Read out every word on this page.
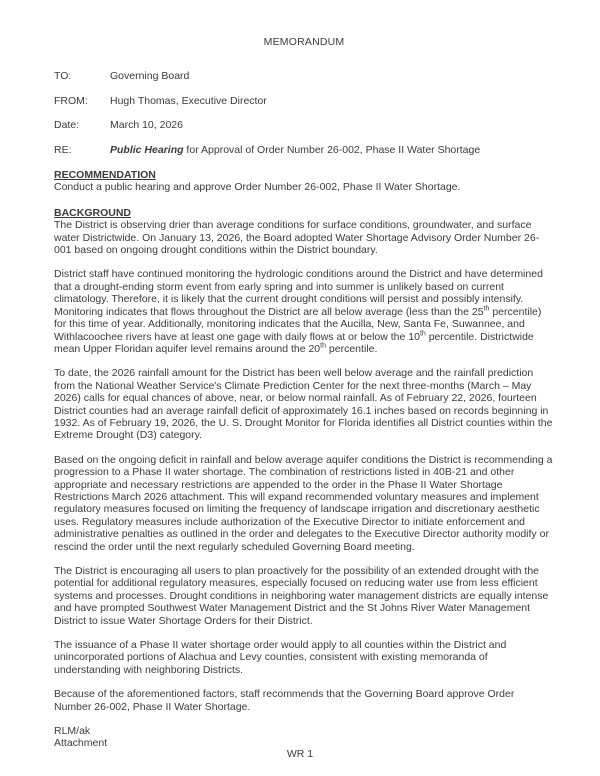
MEMORANDUM
TO:	Governing Board
FROM:	Hugh Thomas, Executive Director
Date:	March 10, 2026
RE:	Public Hearing for Approval of Order Number 26-002, Phase II Water Shortage
RECOMMENDATION
Conduct a public hearing and approve Order Number 26-002, Phase II Water Shortage.
BACKGROUND
The District is observing drier than average conditions for surface conditions, groundwater, and surface water Districtwide. On January 13, 2026, the Board adopted Water Shortage Advisory Order Number 26-001 based on ongoing drought conditions within the District boundary.
District staff have continued monitoring the hydrologic conditions around the District and have determined that a drought-ending storm event from early spring and into summer is unlikely based on current climatology. Therefore, it is likely that the current drought conditions will persist and possibly intensify. Monitoring indicates that flows throughout the District are all below average (less than the 25th percentile) for this time of year. Additionally, monitoring indicates that the Aucilla, New, Santa Fe, Suwannee, and Withlacoochee rivers have at least one gage with daily flows at or below the 10th percentile. Districtwide mean Upper Floridan aquifer level remains around the 20th percentile.
To date, the 2026 rainfall amount for the District has been well below average and the rainfall prediction from the National Weather Service's Climate Prediction Center for the next three-months (March – May 2026) calls for equal chances of above, near, or below normal rainfall. As of February 22, 2026, fourteen District counties had an average rainfall deficit of approximately 16.1 inches based on records beginning in 1932. As of February 19, 2026, the U. S. Drought Monitor for Florida identifies all District counties within the Extreme Drought (D3) category.
Based on the ongoing deficit in rainfall and below average aquifer conditions the District is recommending a progression to a Phase II water shortage. The combination of restrictions listed in 40B-21 and other appropriate and necessary restrictions are appended to the order in the Phase II Water Shortage Restrictions March 2026 attachment. This will expand recommended voluntary measures and implement regulatory measures focused on limiting the frequency of landscape irrigation and discretionary aesthetic uses. Regulatory measures include authorization of the Executive Director to initiate enforcement and administrative penalties as outlined in the order and delegates to the Executive Director authority modify or rescind the order until the next regularly scheduled Governing Board meeting.
The District is encouraging all users to plan proactively for the possibility of an extended drought with the potential for additional regulatory measures, especially focused on reducing water use from less efficient systems and processes. Drought conditions in neighboring water management districts are equally intense and have prompted Southwest Water Management District and the St Johns River Water Management District to issue Water Shortage Orders for their District.
The issuance of a Phase II water shortage order would apply to all counties within the District and unincorporated portions of Alachua and Levy counties, consistent with existing memoranda of understanding with neighboring Districts.
Because of the aforementioned factors, staff recommends that the Governing Board approve Order Number 26-002, Phase II Water Shortage.
RLM/ak
Attachment
WR 1
